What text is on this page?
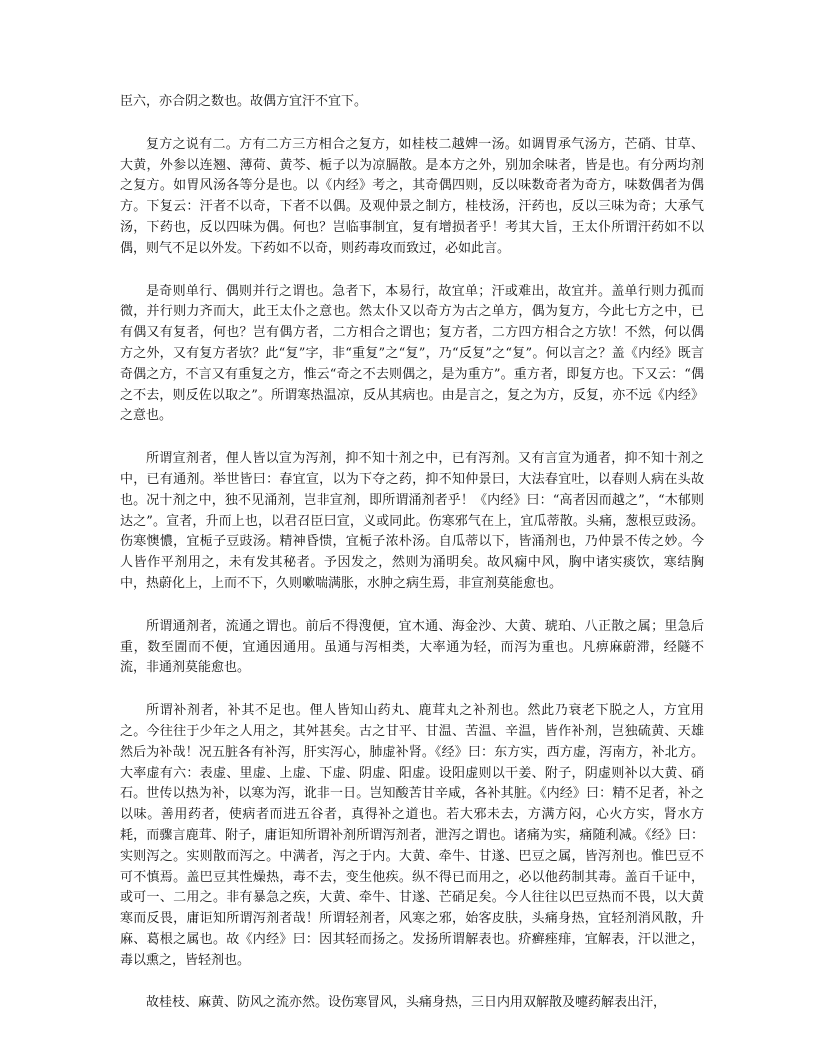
臣六，亦合阴之数也。故偶方宜汗不宜下。

复方之说有二。方有二方三方相合之复方，如桂枝二越婢一汤。如调胃承气汤方，芒硝、甘草、大黄，外参以连翘、薄荷、黄芩、栀子以为凉膈散。是本方之外，别加余味者，皆是也。有分两均剂之复方。如胃风汤各等分是也。以《内经》考之，其奇偶四则，反以味数奇者为奇方，味数偶者为偶方。下复云：汗者不以奇，下者不以偶。及观仲景之制方，桂枝汤，汗药也，反以三味为奇；大承气汤，下药也，反以四味为偶。何也？岂临事制宜，复有增损者乎！考其大旨，王太仆所谓汗药如不以偶，则气不足以外发。下药如不以奇，则药毒攻而致过，必如此言。

是奇则单行、偶则并行之谓也。急者下，本易行，故宜单；汗或难出，故宜并。盖单行则力孤而微，并行则力齐而大，此王太仆之意也。然太仆又以奇方为古之单方，偶为复方，今此七方之中，已有偶又有复者，何也？岂有偶方者，二方相合之谓也；复方者，二方四方相合之方欤！不然，何以偶方之外，又有复方者欤？此“复”字，非“重复”之“复”，乃“反复”之“复”。何以言之？盖《内经》既言奇偶之方，不言又有重复之方，惟云“奇之不去则偶之，是为重方”。重方者，即复方也。下又云：“偶之不去，则反佐以取之”。所谓寒热温凉，反从其病也。由是言之，复之为方，反复，亦不远《内经》之意也。

所谓宣剂者，俚人皆以宣为泻剂，抑不知十剂之中，已有泻剂。又有言宣为通者，抑不知十剂之中，已有通剂。举世皆曰：春宜宣，以为下夺之药，抑不知仲景曰，大法春宜吐，以春则人病在头故也。况十剂之中，独不见涌剂，岂非宣剂，即所谓涌剂者乎！《内经》曰：“高者因而越之”，“木郁则达之”。宣者，升而上也，以君召臣曰宣，义或同此。伤寒邪气在上，宜瓜蒂散。头痛，葱根豆豉汤。伤寒懊憹，宜栀子豆豉汤。精神昏愦，宜栀子浓朴汤。自瓜蒂以下，皆涌剂也，乃仲景不传之妙。今人皆作平剂用之，未有发其秘者。予因发之，然则为涌明矣。故风痫中风，胸中诸实痰饮，寒结胸中，热蔚化上，上而不下，久则嗽喘满胀，水肿之病生焉，非宣剂莫能愈也。

所谓通剂者，流通之谓也。前后不得溲便，宜木通、海金沙、大黄、琥珀、八正散之属；里急后重，数至圊而不便，宜通因通用。虽通与泻相类，大率通为轻，而泻为重也。凡痹麻蔚滞，经隧不流，非通剂莫能愈也。

所谓补剂者，补其不足也。俚人皆知山药丸、鹿茸丸之补剂也。然此乃衰老下脱之人，方宜用之。今往往于少年之人用之，其舛甚矣。古之甘平、甘温、苦温、辛温，皆作补剂，岂独硫黄、天雄然后为补哉！况五脏各有补泻，肝实泻心，肺虚补肾。《经》曰：东方实，西方虚，泻南方，补北方。大率虚有六：表虚、里虚、上虚、下虚、阴虚、阳虚。设阳虚则以干姜、附子，阴虚则补以大黄、硝石。世传以热为补，以寒为泻，讹非一日。岂知酸苦甘辛咸，各补其脏。《内经》曰：精不足者，补之以味。善用药者，使病者而进五谷者，真得补之道也。若大邪未去，方满方闷，心火方实，肾水方耗，而骤言鹿茸、附子，庸讵知所谓补剂所谓泻剂者，泄泻之谓也。诸痛为实，痛随利减。《经》曰：实则泻之。实则散而泻之。中满者，泻之于内。大黄、牵牛、甘遂、巴豆之属，皆泻剂也。惟巴豆不可不慎焉。盖巴豆其性燥热，毒不去，变生他疾。纵不得已而用之，必以他药制其毒。盖百千证中，或可一、二用之。非有暴急之疾，大黄、牵牛、甘遂、芒硝足矣。今人往往以巴豆热而不畏，以大黄寒而反畏，庸讵知所谓泻剂者哉！所谓轻剂者，风寒之邪，始客皮肤，头痛身热，宜轻剂消风散，升麻、葛根之属也。故《内经》曰：因其轻而扬之。发扬所谓解表也。疥癣痤痱，宜解表，汗以泄之，毒以熏之，皆轻剂也。

故桂枝、麻黄、防风之流亦然。设伤寒冒风，头痛身热，三日内用双解散及嚏药解表出汗，
